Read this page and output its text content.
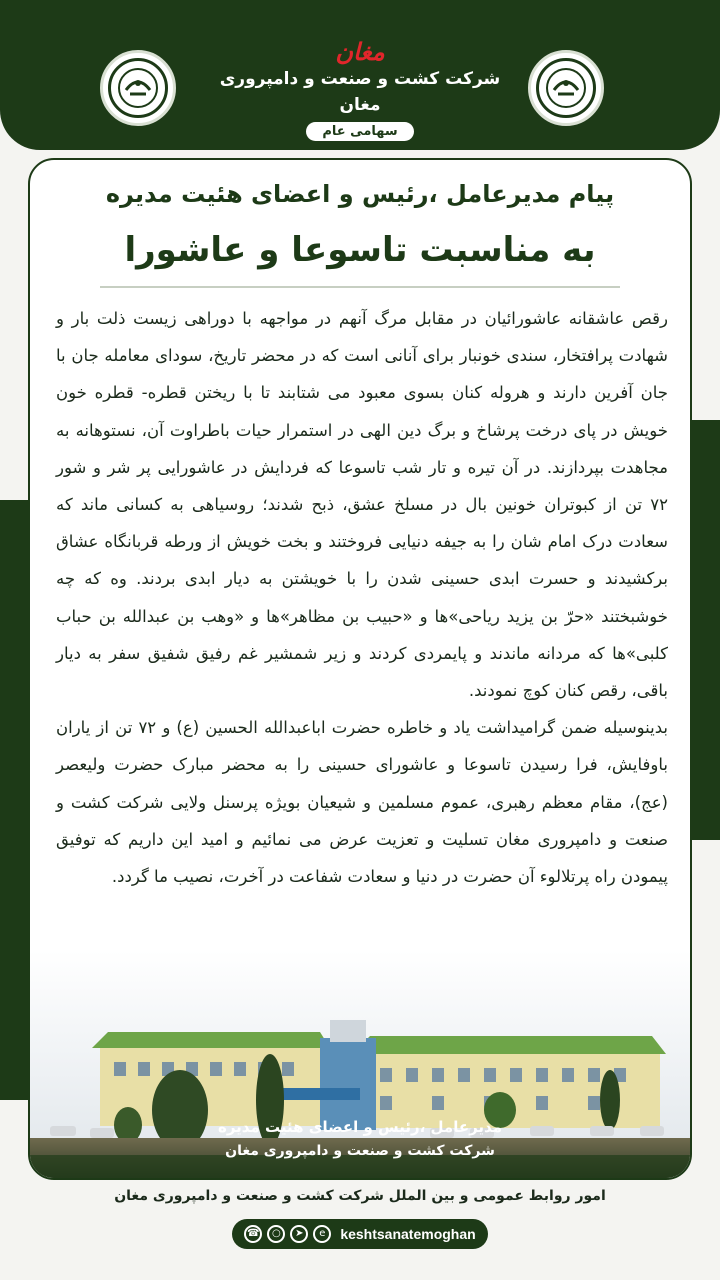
مغان
شرکت کشت و صنعت و دامپروری مغان
سهامی عام
پیام مدیرعامل ،رئیس و اعضای هئیت مدیره
به مناسبت تاسوعا و عاشورا

رقص عاشقانه عاشورائیان در مقابل مرگ آنهم در مواجهه با دوراهی زیست ذلت بار و شهادت پرافتخار، سندی خونبار برای آنانی است که در محضر تاریخ، سودای معامله جان با جان آفرین دارند و هروله کنان بسوی معبود می شتابند تا با ریختن قطره- قطره خون خویش در پای درخت پرشاخ و برگ دین الهی در استمرار حیات باطراوت آن، نستوهانه به مجاهدت بپردازند. در آن تیره و تار شب تاسوعا که فردایش در عاشورایی پر شر و شور ۷۲ تن از کبوتران خونین بال در مسلخ عشق، ذبح شدند؛ روسیاهی به کسانی ماند که سعادت درک امام شان را به جیفه دنیایی فروختند و بخت خویش از ورطه قربانگاه عشاق برکشیدند و حسرت ابدی حسینی شدن را با خویشتن به دیار ابدی بردند. وه که چه خوشبختند «حرّ بن یزید ریاحی»ها و «حبیب بن مظاهر»ها و «وهب بن عبدالله بن حباب کلبی»ها که مردانه ماندند و پایمردی کردند و زیر شمشیر غم رفیق شفیق سفر به دیار باقی، رقص کنان کوچ نمودند.

بدینوسیله ضمن گرامیداشت یاد و خاطره حضرت اباعبدالله الحسین (ع) و ۷۲ تن از یاران باوفایش، فرا رسیدن تاسوعا و عاشورای حسینی را به محضر مبارک حضرت ولیعصر (عج)، مقام معظم رهبری، عموم مسلمین و شیعیان بویژه پرسنل ولایی شرکت کشت و صنعت و دامپروری مغان تسلیت و تعزیت عرض می نمائیم و امید این داریم که توفیق پیمودن راه پرتلالوء آن حضرت در دنیا و سعادت شفاعت در آخرت، نصیب ما گردد.

مدیرعامل ،رئیس و اعضای هئیت مدیره
شرکت کشت و صنعت و دامپروری مغان
امور روابط عمومی و بین الملل شرکت کشت و صنعت و دامپروری مغان
☎	○	➤	e	keshtsanatemoghan
